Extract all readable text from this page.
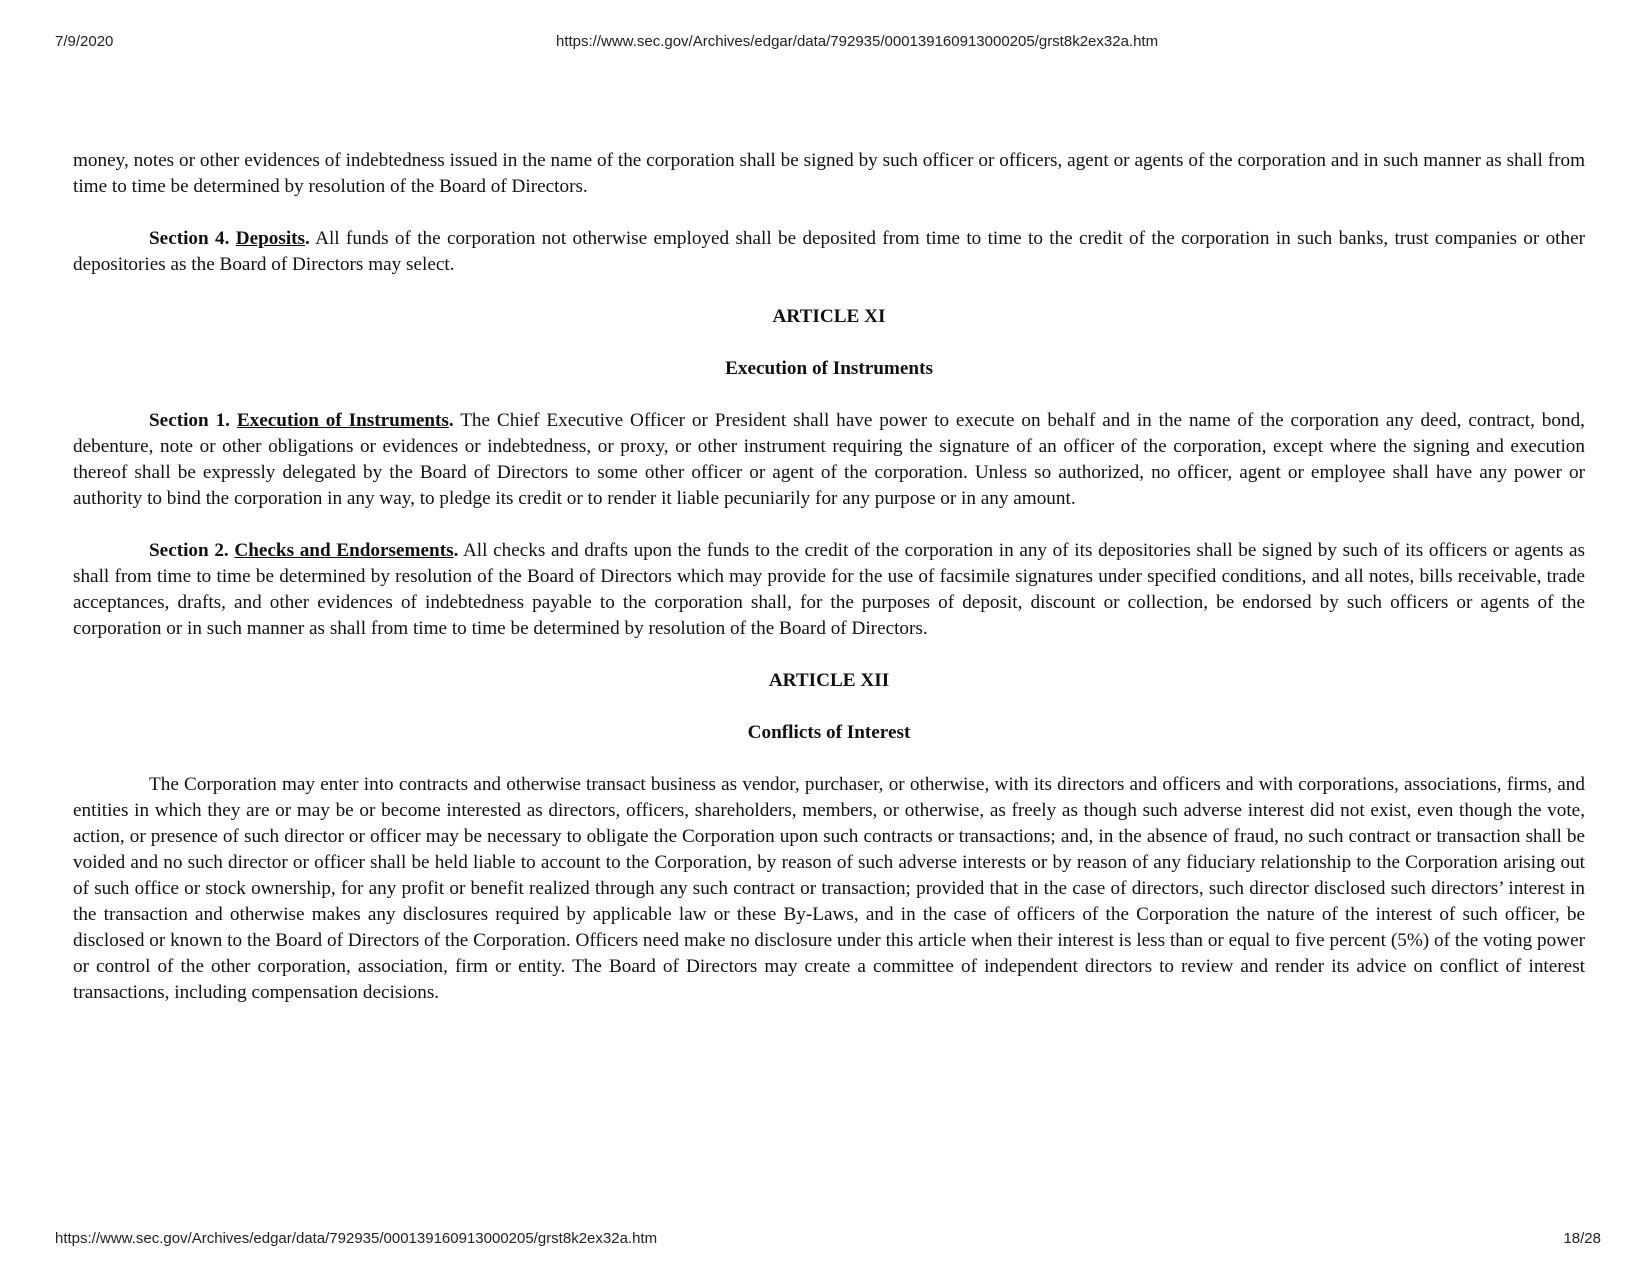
7/9/2020	https://www.sec.gov/Archives/edgar/data/792935/000139160913000205/grst8k2ex32a.htm

money, notes or other evidences of indebtedness issued in the name of the corporation shall be signed by such officer or officers, agent or agents of the corporation and in such manner as shall from time to time be determined by resolution of the Board of Directors.

Section 4. Deposits. All funds of the corporation not otherwise employed shall be deposited from time to time to the credit of the corporation in such banks, trust companies or other depositories as the Board of Directors may select.

ARTICLE XI

Execution of Instruments

Section 1. Execution of Instruments. The Chief Executive Officer or President shall have power to execute on behalf and in the name of the corporation any deed, contract, bond, debenture, note or other obligations or evidences or indebtedness, or proxy, or other instrument requiring the signature of an officer of the corporation, except where the signing and execution thereof shall be expressly delegated by the Board of Directors to some other officer or agent of the corporation. Unless so authorized, no officer, agent or employee shall have any power or authority to bind the corporation in any way, to pledge its credit or to render it liable pecuniarily for any purpose or in any amount.

Section 2. Checks and Endorsements. All checks and drafts upon the funds to the credit of the corporation in any of its depositories shall be signed by such of its officers or agents as shall from time to time be determined by resolution of the Board of Directors which may provide for the use of facsimile signatures under specified conditions, and all notes, bills receivable, trade acceptances, drafts, and other evidences of indebtedness payable to the corporation shall, for the purposes of deposit, discount or collection, be endorsed by such officers or agents of the corporation or in such manner as shall from time to time be determined by resolution of the Board of Directors.

ARTICLE XII

Conflicts of Interest

The Corporation may enter into contracts and otherwise transact business as vendor, purchaser, or otherwise, with its directors and officers and with corporations, associations, firms, and entities in which they are or may be or become interested as directors, officers, shareholders, members, or otherwise, as freely as though such adverse interest did not exist, even though the vote, action, or presence of such director or officer may be necessary to obligate the Corporation upon such contracts or transactions; and, in the absence of fraud, no such contract or transaction shall be voided and no such director or officer shall be held liable to account to the Corporation, by reason of such adverse interests or by reason of any fiduciary relationship to the Corporation arising out of such office or stock ownership, for any profit or benefit realized through any such contract or transaction; provided that in the case of directors, such director disclosed such directors’ interest in the transaction and otherwise makes any disclosures required by applicable law or these By-Laws, and in the case of officers of the Corporation the nature of the interest of such officer, be disclosed or known to the Board of Directors of the Corporation. Officers need make no disclosure under this article when their interest is less than or equal to five percent (5%) of the voting power or control of the other corporation, association, firm or entity. The Board of Directors may create a committee of independent directors to review and render its advice on conflict of interest transactions, including compensation decisions.

https://www.sec.gov/Archives/edgar/data/792935/000139160913000205/grst8k2ex32a.htm	18/28
